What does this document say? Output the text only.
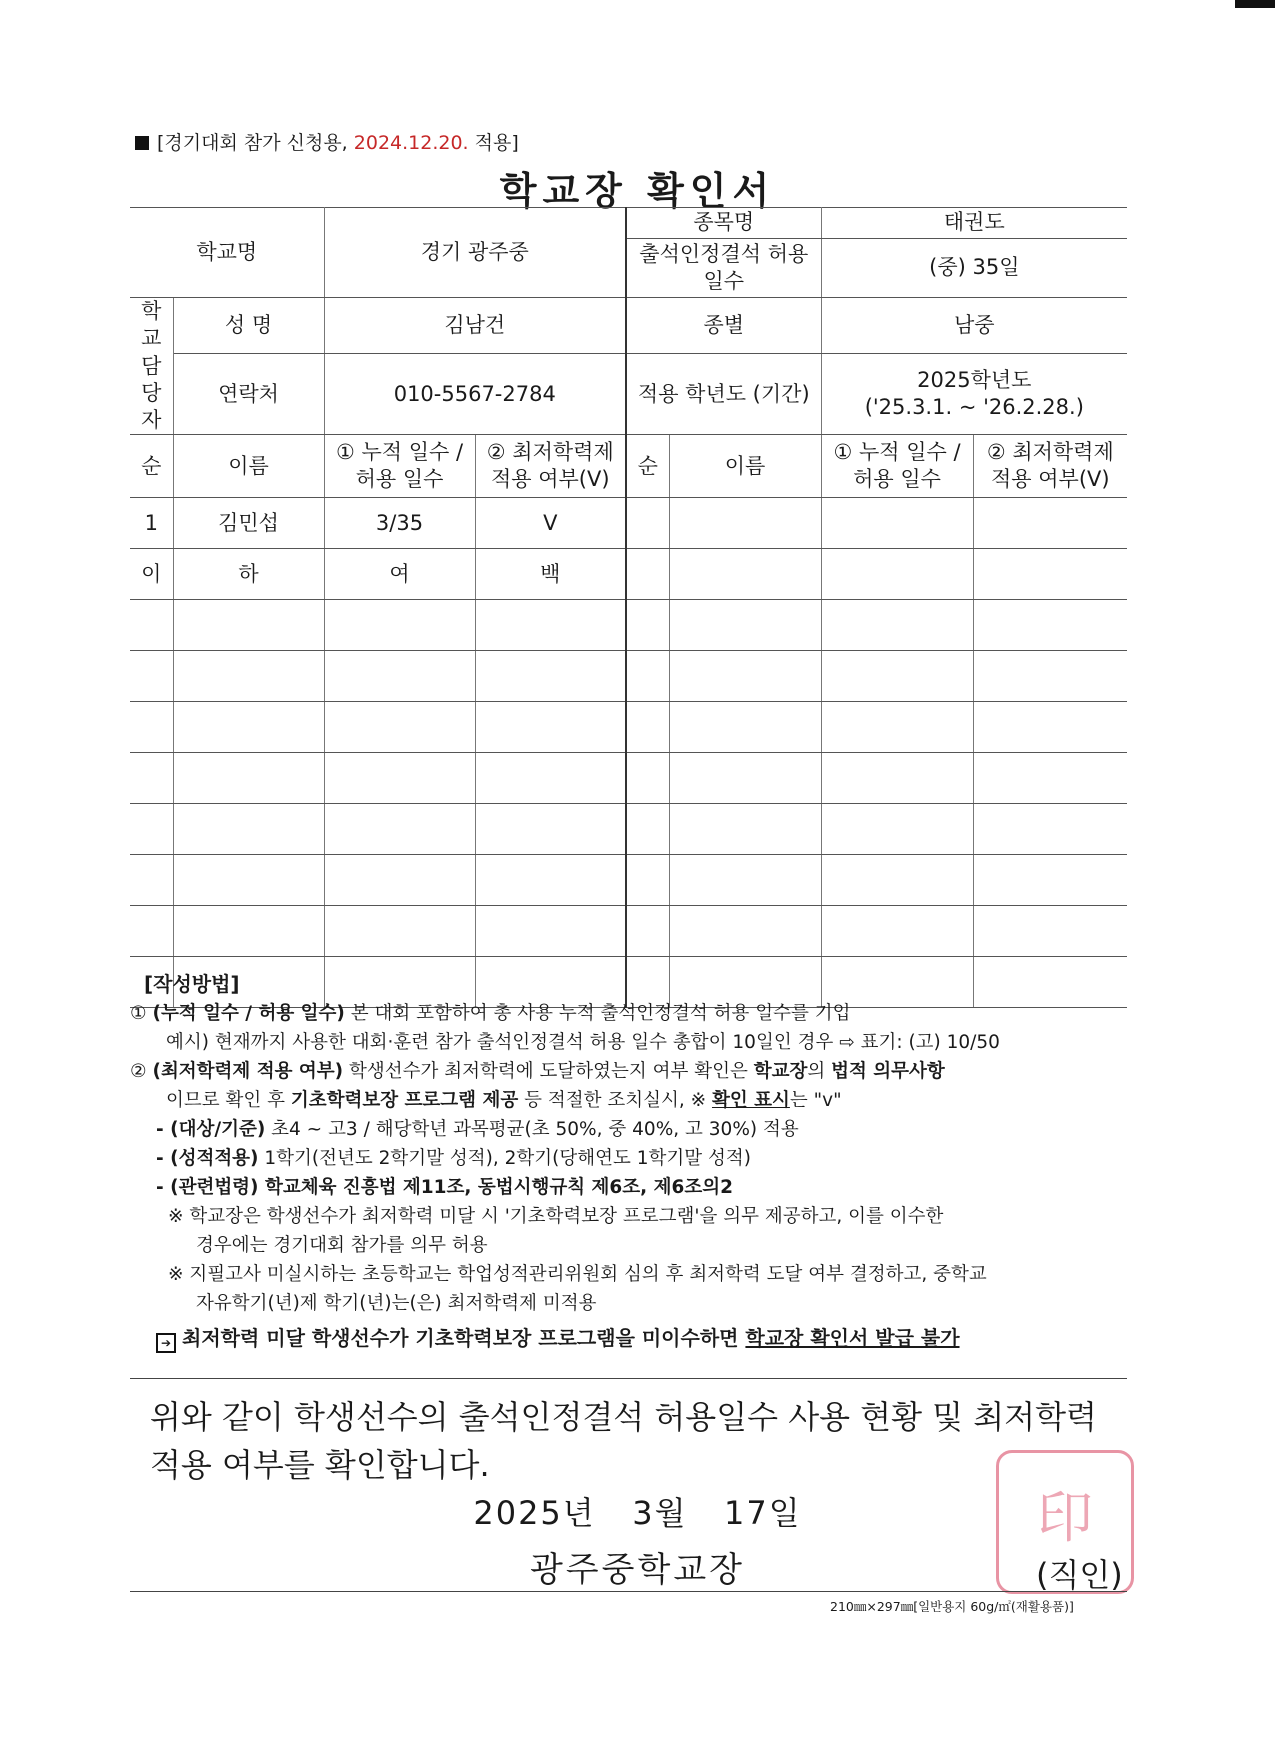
[경기대회 참가 신청용, 2024.12.20. 적용]
학교장 확인서
학교명		경기 광주중		종목명		태권도	
				출석인정결석 허용 일수		(중) 35일	
학교 담당자	성 명	김남건		종별		남중	
	연락처	010-5567-2784		적용 학년도 (기간)		2025학년도
('25.3.1. ~ '26.2.28.)	

순	이름	① 누적 일수 / 허용 일수	② 최저학력제 적용 여부(V)	순	이름	① 누적 일수 / 허용 일수	② 최저학력제 적용 여부(V)
1	김민섭	3/35	V				
이	하	여	백				

[작성방법]
① (누적 일수 / 허용 일수) 본 대회 포함하여 총 사용 누적 출석인정결석 허용 일수를 기입
예시) 현재까지 사용한 대회·훈련 참가 출석인정결석 허용 일수 총합이 10일인 경우 ⇨ 표기: (고) 10/50
② (최저학력제 적용 여부) 학생선수가 최저학력에 도달하였는지 여부 확인은 학교장의 법적 의무사항
이므로 확인 후 기초학력보장 프로그램 제공 등 적절한 조치실시, ※ 확인 표시는 "v"
- (대상/기준) 초4 ~ 고3 / 해당학년 과목평균(초 50%, 중 40%, 고 30%) 적용
- (성적적용) 1학기(전년도 2학기말 성적), 2학기(당해연도 1학기말 성적)
- (관련법령) 학교체육 진흥법 제11조, 동법시행규칙 제6조, 제6조의2
※ 학교장은 학생선수가 최저학력 미달 시 '기초학력보장 프로그램'을 의무 제공하고, 이를 이수한
경우에는 경기대회 참가를 의무 허용
※ 지필고사 미실시하는 초등학교는 학업성적관리위원회 심의 후 최저학력 도달 여부 결정하고, 중학교
자유학기(년)제 학기(년)는(은) 최저학력제 미적용
➔ 최저학력 미달 학생선수가 기초학력보장 프로그램을 미이수하면 학교장 확인서 발급 불가
위와 같이 학생선수의 출석인정결석 허용일수 사용 현황 및 최저학력 적용 여부를 확인합니다.
2025년   3월   17일
광주중학교장
印
(직인)
210㎜×297㎜[일반용지 60g/㎡(재활용품)]
